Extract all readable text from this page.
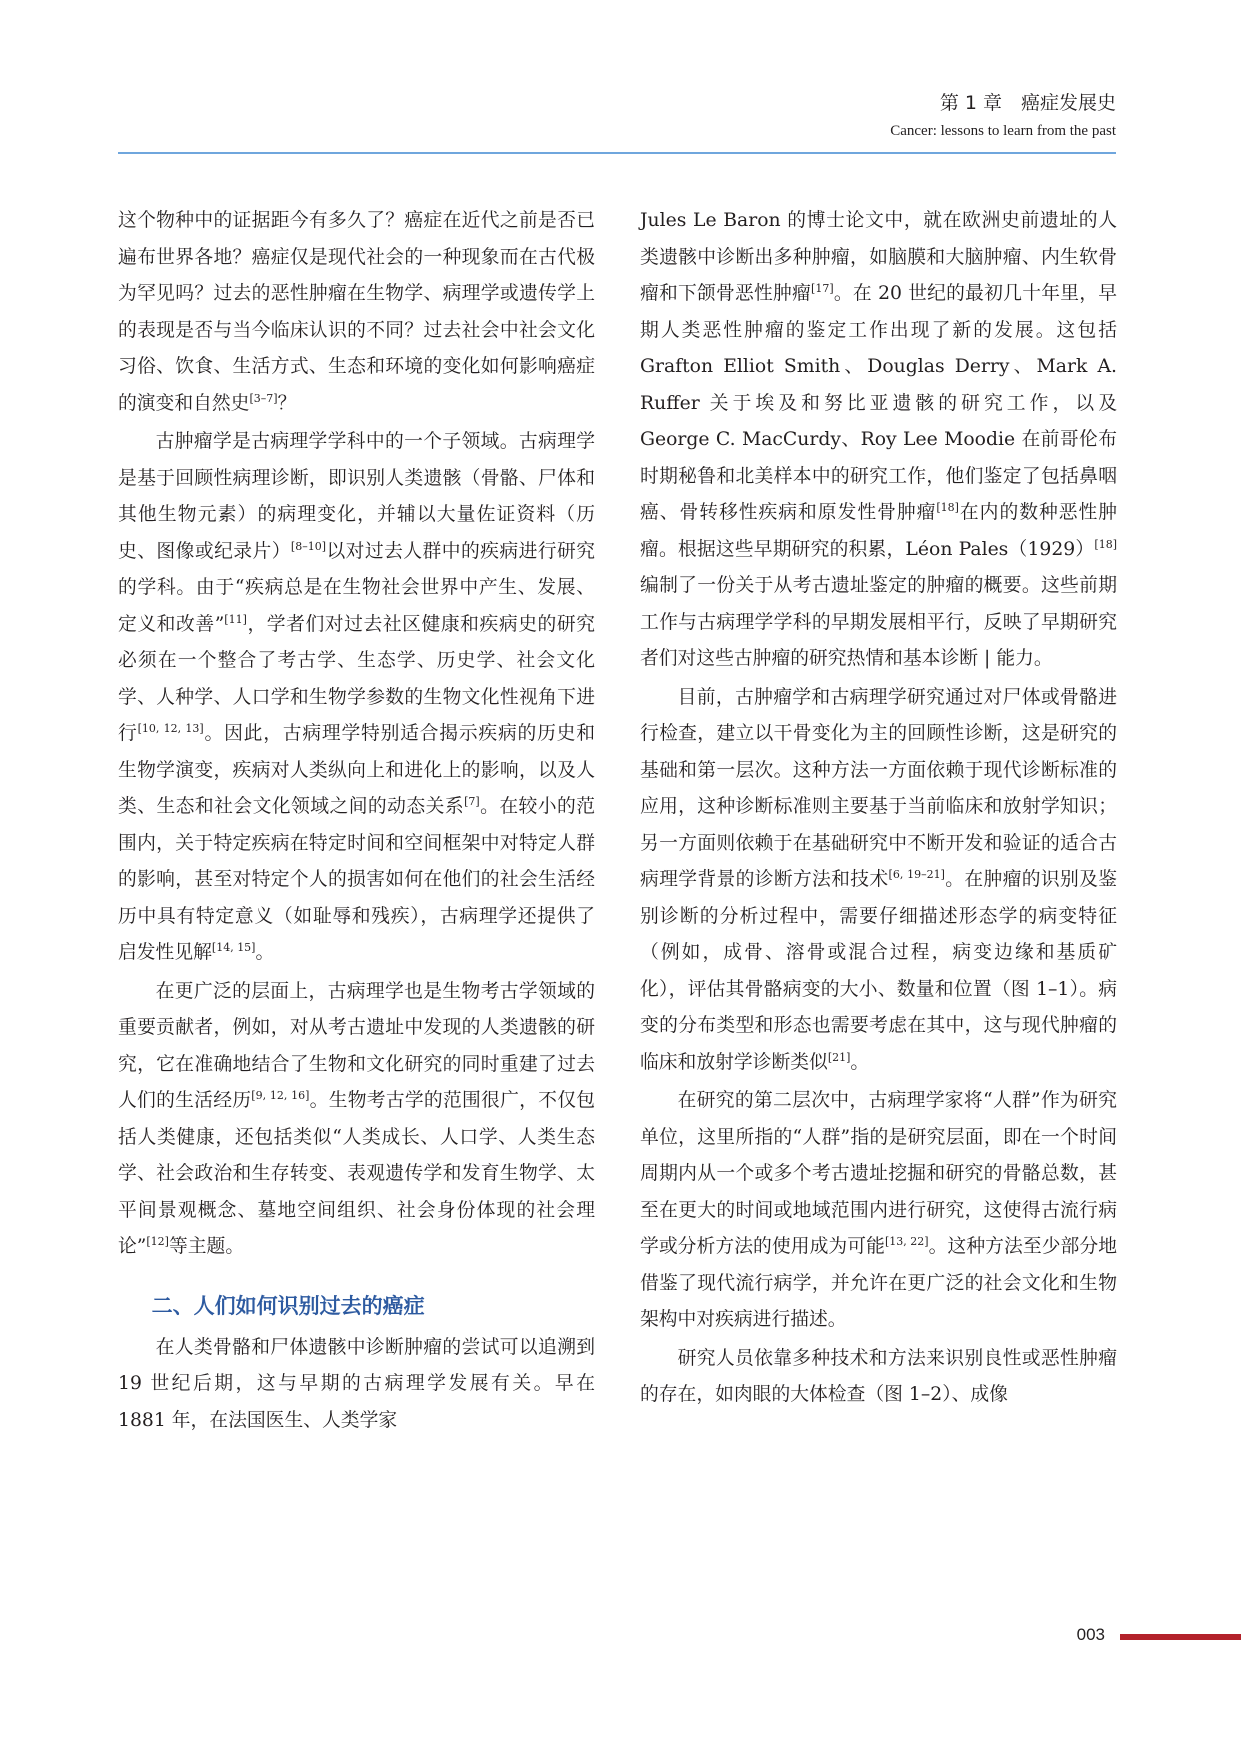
第 1 章　癌症发展史
Cancer: lessons to learn from the past

这个物种中的证据距今有多久了？癌症在近代之前是否已遍布世界各地？癌症仅是现代社会的一种现象而在古代极为罕见吗？过去的恶性肿瘤在生物学、病理学或遗传学上的表现是否与当今临床认识的不同？过去社会中社会文化习俗、饮食、生活方式、生态和环境的变化如何影响癌症的演变和自然史[3–7]？

古肿瘤学是古病理学学科中的一个子领域。古病理学是基于回顾性病理诊断，即识别人类遗骸（骨骼、尸体和其他生物元素）的病理变化，并辅以大量佐证资料（历史、图像或纪录片）[8–10]以对过去人群中的疾病进行研究的学科。由于“疾病总是在生物社会世界中产生、发展、定义和改善”[11]，学者们对过去社区健康和疾病史的研究必须在一个整合了考古学、生态学、历史学、社会文化学、人种学、人口学和生物学参数的生物文化性视角下进行[10, 12, 13]。因此，古病理学特别适合揭示疾病的历史和生物学演变，疾病对人类纵向上和进化上的影响，以及人类、生态和社会文化领域之间的动态关系[7]。在较小的范围内，关于特定疾病在特定时间和空间框架中对特定人群的影响，甚至对特定个人的损害如何在他们的社会生活经历中具有特定意义（如耻辱和残疾），古病理学还提供了启发性见解[14, 15]。

在更广泛的层面上，古病理学也是生物考古学领域的重要贡献者，例如，对从考古遗址中发现的人类遗骸的研究，它在准确地结合了生物和文化研究的同时重建了过去人们的生活经历[9, 12, 16]。生物考古学的范围很广，不仅包括人类健康，还包括类似“人类成长、人口学、人类生态学、社会政治和生存转变、表观遗传学和发育生物学、太平间景观概念、墓地空间组织、社会身份体现的社会理论”[12]等主题。

二、人们如何识别过去的癌症

在人类骨骼和尸体遗骸中诊断肿瘤的尝试可以追溯到 19 世纪后期，这与早期的古病理学发展有关。早在 1881 年，在法国医生、人类学家

Jules Le Baron 的博士论文中，就在欧洲史前遗址的人类遗骸中诊断出多种肿瘤，如脑膜和大脑肿瘤、内生软骨瘤和下颌骨恶性肿瘤[17]。在 20 世纪的最初几十年里，早期人类恶性肿瘤的鉴定工作出现了新的发展。这包括 Grafton Elliot Smith、Douglas Derry、Mark A. Ruffer 关于埃及和努比亚遗骸的研究工作，以及 George C. MacCurdy、Roy Lee Moodie 在前哥伦布时期秘鲁和北美样本中的研究工作，他们鉴定了包括鼻咽癌、骨转移性疾病和原发性骨肿瘤[18]在内的数种恶性肿瘤。根据这些早期研究的积累，Léon Pales（1929）[18]编制了一份关于从考古遗址鉴定的肿瘤的概要。这些前期工作与古病理学学科的早期发展相平行，反映了早期研究者们对这些古肿瘤的研究热情和基本诊断 | 能力。

目前，古肿瘤学和古病理学研究通过对尸体或骨骼进行检查，建立以干骨变化为主的回顾性诊断，这是研究的基础和第一层次。这种方法一方面依赖于现代诊断标准的应用，这种诊断标准则主要基于当前临床和放射学知识；另一方面则依赖于在基础研究中不断开发和验证的适合古病理学背景的诊断方法和技术[6, 19–21]。在肿瘤的识别及鉴别诊断的分析过程中，需要仔细描述形态学的病变特征（例如，成骨、溶骨或混合过程，病变边缘和基质矿化），评估其骨骼病变的大小、数量和位置（图 1–1）。病变的分布类型和形态也需要考虑在其中，这与现代肿瘤的临床和放射学诊断类似[21]。

在研究的第二层次中，古病理学家将“人群”作为研究单位，这里所指的“人群”指的是研究层面，即在一个时间周期内从一个或多个考古遗址挖掘和研究的骨骼总数，甚至在更大的时间或地域范围内进行研究，这使得古流行病学或分析方法的使用成为可能[13, 22]。这种方法至少部分地借鉴了现代流行病学，并允许在更广泛的社会文化和生物架构中对疾病进行描述。

研究人员依靠多种技术和方法来识别良性或恶性肿瘤的存在，如肉眼的大体检查（图 1–2）、成像

003
